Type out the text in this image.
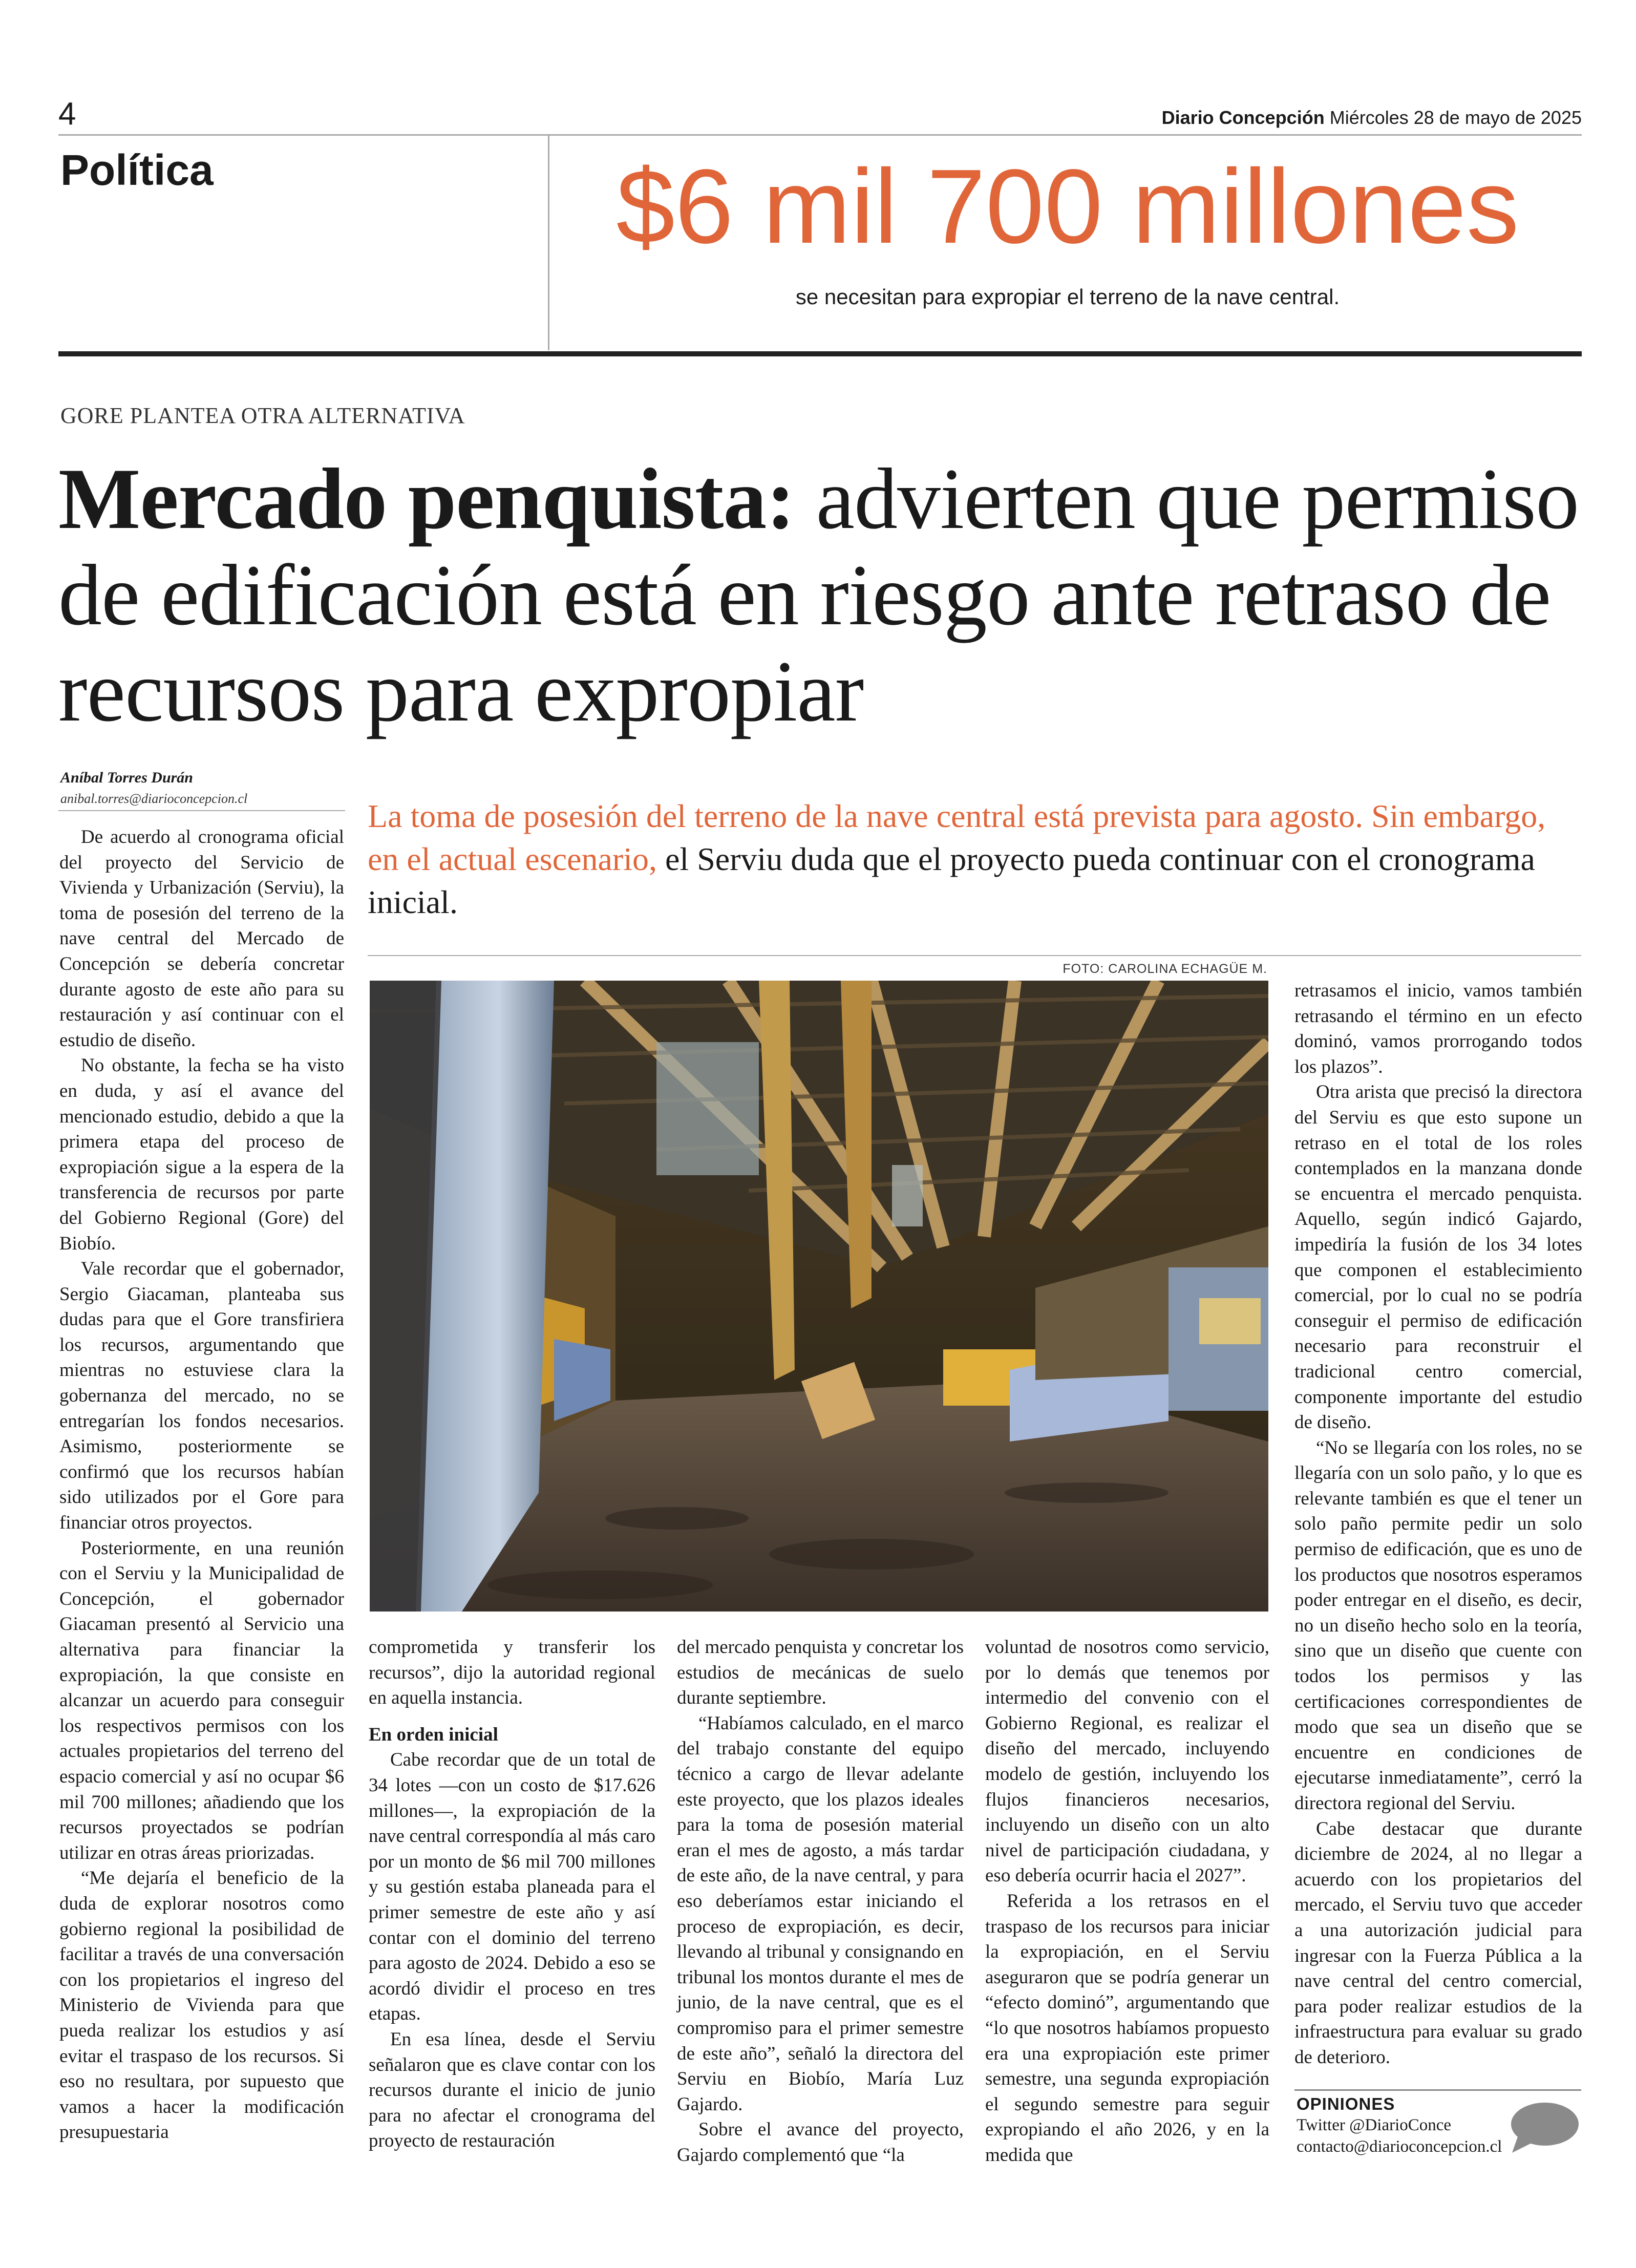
4	Diario Concepción Miércoles 28 de mayo de 2025
Política	$6 mil 700 millones
se necesitan para expropiar el terreno de la nave central.
GORE PLANTEA OTRA ALTERNATIVA
Mercado penquista: advierten que permiso de edificación está en riesgo ante retraso de recursos para expropiar
Aníbal Torres Durán
anibal.torres@diarioconcepcion.cl	La toma de posesión del terreno de la nave central está prevista para agosto. Sin embargo, en el actual escenario, el Serviu duda que el proyecto pueda continuar con el cronograma inicial.
FOTO: CAROLINA ECHAGÜE M.

De acuerdo al cronograma oficial del proyecto del Servicio de Vivienda y Urbanización (Serviu), la toma de posesión del terreno de la nave central del Mercado de Concepción se debería concretar durante agosto de este año para su restauración y así continuar con el estudio de diseño.

No obstante, la fecha se ha visto en duda, y así el avance del mencionado estudio, debido a que la primera etapa del proceso de expropiación sigue a la espera de la transferencia de recursos por parte del Gobierno Regional (Gore) del Biobío.

Vale recordar que el gobernador, Sergio Giacaman, planteaba sus dudas para que el Gore transfiriera los recursos, argumentando que mientras no estuviese clara la gobernanza del mercado, no se entregarían los fondos necesarios. Asimismo, posteriormente se confirmó que los recursos habían sido utilizados por el Gore para financiar otros proyectos.

Posteriormente, en una reunión con el Serviu y la Municipalidad de Concepción, el gobernador Giacaman presentó al Servicio una alternativa para financiar la expropiación, la que consiste en alcanzar un acuerdo para conseguir los respectivos permisos con los actuales propietarios del terreno del espacio comercial y así no ocupar $6 mil 700 millones; añadiendo que los recursos proyectados se podrían utilizar en otras áreas priorizadas.

“Me dejaría el beneficio de la duda de explorar nosotros como gobierno regional la posibilidad de facilitar a través de una conversación con los propietarios el ingreso del Ministerio de Vivienda para que pueda realizar los estudios y así evitar el traspaso de los recursos. Si eso no resultara, por supuesto que vamos a hacer la modificación presupuestaria

comprometida y transferir los recursos”, dijo la autoridad regional en aquella instancia.

En orden inicial

Cabe recordar que de un total de 34 lotes —con un costo de $17.626 millones—, la expropiación de la nave central correspondía al más caro por un monto de $6 mil 700 millones y su gestión estaba planeada para el primer semestre de este año y así contar con el dominio del terreno para agosto de 2024. Debido a eso se acordó dividir el proceso en tres etapas.

En esa línea, desde el Serviu señalaron que es clave contar con los recursos durante el inicio de junio para no afectar el cronograma del proyecto de restauración

del mercado penquista y concretar los estudios de mecánicas de suelo durante septiembre.

“Habíamos calculado, en el marco del trabajo constante del equipo técnico a cargo de llevar adelante este proyecto, que los plazos ideales para la toma de posesión material eran el mes de agosto, a más tardar de este año, de la nave central, y para eso deberíamos estar iniciando el proceso de expropiación, es decir, llevando al tribunal y consignando en tribunal los montos durante el mes de junio, de la nave central, que es el compromiso para el primer semestre de este año”, señaló la directora del Serviu en Biobío, María Luz Gajardo.

Sobre el avance del proyecto, Gajardo complementó que “la

voluntad de nosotros como servicio, por lo demás que tenemos por intermedio del convenio con el Gobierno Regional, es realizar el diseño del mercado, incluyendo modelo de gestión, incluyendo los flujos financieros necesarios, incluyendo un diseño con un alto nivel de participación ciudadana, y eso debería ocurrir hacia el 2027”.

Referida a los retrasos en el traspaso de los recursos para iniciar la expropiación, en el Serviu aseguraron que se podría generar un “efecto dominó”, argumentando que “lo que nosotros habíamos propuesto era una expropiación este primer semestre, una segunda expropiación el segundo semestre para seguir expropiando el año 2026, y en la medida que

retrasamos el inicio, vamos también retrasando el término en un efecto dominó, vamos prorrogando todos los plazos”.

Otra arista que precisó la directora del Serviu es que esto supone un retraso en el total de los roles contemplados en la manzana donde se encuentra el mercado penquista. Aquello, según indicó Gajardo, impediría la fusión de los 34 lotes que componen el establecimiento comercial, por lo cual no se podría conseguir el permiso de edificación necesario para reconstruir el tradicional centro comercial, componente importante del estudio de diseño.

“No se llegaría con los roles, no se llegaría con un solo paño, y lo que es relevante también es que el tener un solo paño permite pedir un solo permiso de edificación, que es uno de los productos que nosotros esperamos poder entregar en el diseño, es decir, no un diseño hecho solo en la teoría, sino que un diseño que cuente con todos los permisos y las certificaciones correspondientes de modo que sea un diseño que se encuentre en condiciones de ejecutarse inmediatamente”, cerró la directora regional del Serviu.

Cabe destacar que durante diciembre de 2024, al no llegar a acuerdo con los propietarios del mercado, el Serviu tuvo que acceder a una autorización judicial para ingresar con la Fuerza Pública a la nave central del centro comercial, para poder realizar estudios de la infraestructura para evaluar su grado de deterioro.

OPINIONES
Twitter @DiarioConce
contacto@diarioconcepcion.cl
